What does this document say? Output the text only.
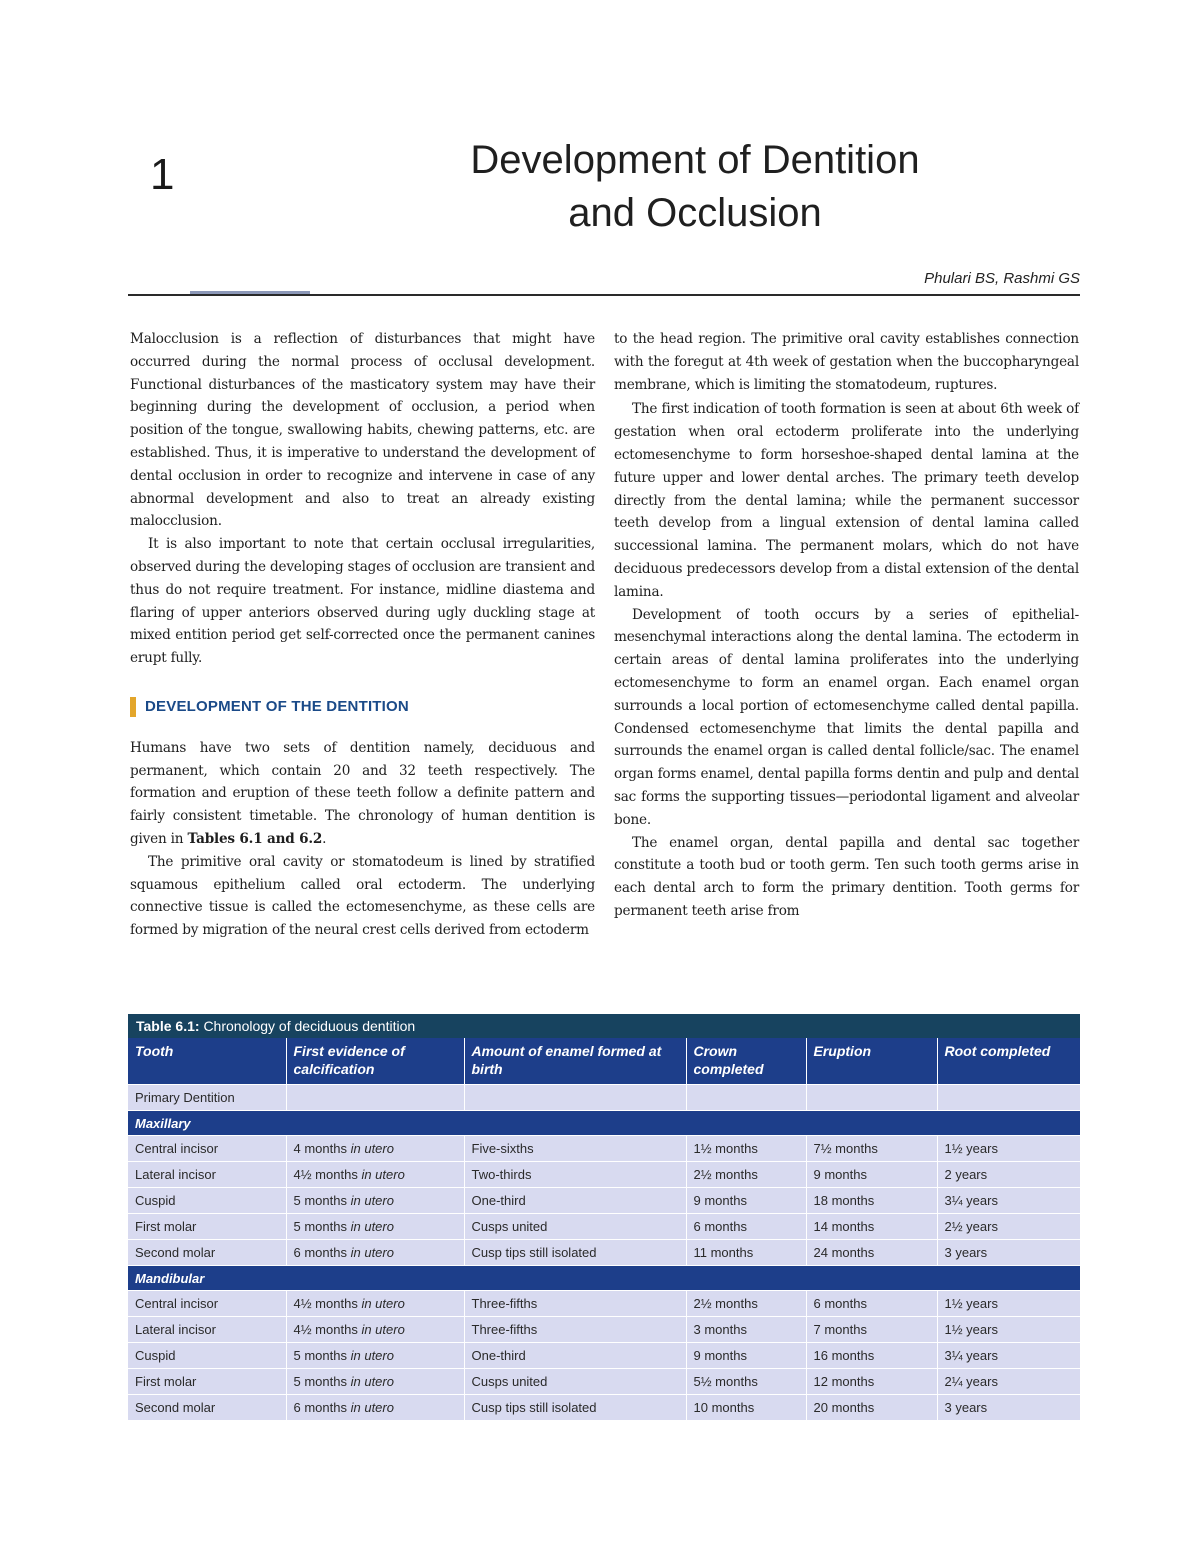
1	Development of Dentition
and Occlusion
Phulari BS, Rashmi GS

Malocclusion is a reflection of disturbances that might have occurred during the normal process of occlusal development. Functional disturbances of the masticatory system may have their beginning during the development of occlusion, a period when position of the tongue, swallowing habits, chewing patterns, etc. are established. Thus, it is imperative to understand the development of dental occlusion in order to recognize and intervene in case of any abnormal development and also to treat an already existing malocclusion.

It is also important to note that certain occlusal irregularities, observed during the developing stages of occlusion are transient and thus do not require treatment. For instance, midline diastema and flaring of upper anteriors observed during ugly duckling stage at mixed entition period get self-corrected once the permanent canines erupt fully.

DEVELOPMENT OF THE DENTITION

Humans have two sets of dentition namely, deciduous and permanent, which contain 20 and 32 teeth respectively. The formation and eruption of these teeth follow a definite pattern and fairly consistent timetable. The chronology of human dentition is given in Tables 6.1 and 6.2.

The primitive oral cavity or stomatodeum is lined by stratified squamous epithelium called oral ectoderm. The underlying connective tissue is called the ectomesenchyme, as these cells are formed by migration of the neural crest cells derived from ectoderm

to the head region. The primitive oral cavity establishes connection with the foregut at 4th week of gestation when the buccopharyngeal membrane, which is limiting the stomatodeum, ruptures.

The first indication of tooth formation is seen at about 6th week of gestation when oral ectoderm proliferate into the underlying ectomesenchyme to form horseshoe-shaped dental lamina at the future upper and lower dental arches. The primary teeth develop directly from the dental lamina; while the permanent successor teeth develop from a lingual extension of dental lamina called successional lamina. The permanent molars, which do not have deciduous predecessors develop from a distal extension of the dental lamina.

Development of tooth occurs by a series of epithelial-mesenchymal interactions along the dental lamina. The ectoderm in certain areas of dental lamina proliferates into the underlying ectomesenchyme to form an enamel organ. Each enamel organ surrounds a local portion of ectomesenchyme called dental papilla. Condensed ectomesenchyme that limits the dental papilla and surrounds the enamel organ is called dental follicle/sac. The enamel organ forms enamel, dental papilla forms dentin and pulp and dental sac forms the supporting tissues—periodontal ligament and alveolar bone.

The enamel organ, dental papilla and dental sac together constitute a tooth bud or tooth germ. Ten such tooth germs arise in each dental arch to form the primary dentition. Tooth germs for permanent teeth arise from

Table 6.1: Chronology of deciduous dentition
Tooth	First evidence of calcification	Amount of enamel formed at birth	Crown completed	Eruption	Root completed
Primary Dentition					
Maxillary					
Central incisor	4 months in utero	Five-sixths	1½ months	7½ months	1½ years
Lateral incisor	4½ months in utero	Two-thirds	2½ months	9 months	2 years
Cuspid	5 months in utero	One-third	9 months	18 months	3¼ years
First molar	5 months in utero	Cusps united	6 months	14 months	2½ years
Second molar	6 months in utero	Cusp tips still isolated	11 months	24 months	3 years
Mandibular					
Central incisor	4½ months in utero	Three-fifths	2½ months	6 months	1½ years
Lateral incisor	4½ months in utero	Three-fifths	3 months	7 months	1½ years
Cuspid	5 months in utero	One-third	9 months	16 months	3¼ years
First molar	5 months in utero	Cusps united	5½ months	12 months	2¼ years
Second molar	6 months in utero	Cusp tips still isolated	10 months	20 months	3 years
